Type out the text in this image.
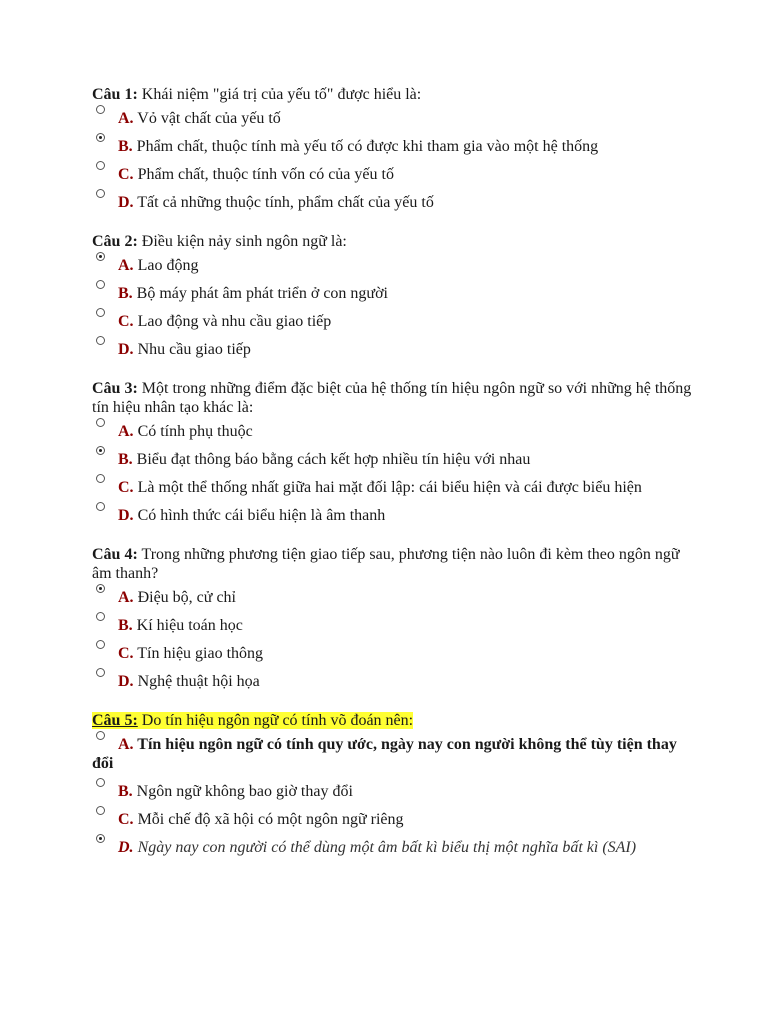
Câu 1: Khái niệm "giá trị của yếu tố" được hiểu là:

A. Vỏ vật chất của yếu tố
B. Phẩm chất, thuộc tính mà yếu tố có được khi tham gia vào một hệ thống
C. Phẩm chất, thuộc tính vốn có của yếu tố
D. Tất cả những thuộc tính, phẩm chất của yếu tố

Câu 2: Điều kiện nảy sinh ngôn ngữ là:

A. Lao động
B. Bộ máy phát âm phát triển ở con người
C. Lao động và nhu cầu giao tiếp
D. Nhu cầu giao tiếp

Câu 3: Một trong những điểm đặc biệt của hệ thống tín hiệu ngôn ngữ so với những hệ thống tín hiệu nhân tạo khác là:

A. Có tính phụ thuộc
B. Biểu đạt thông báo bằng cách kết hợp nhiều tín hiệu với nhau
C. Là một thể thống nhất giữa hai mặt đối lập: cái biểu hiện và cái được biểu hiện
D. Có hình thức cái biểu hiện là âm thanh

Câu 4: Trong những phương tiện giao tiếp sau, phương tiện nào luôn đi kèm theo ngôn ngữ âm thanh?

A. Điệu bộ, cử chỉ
B. Kí hiệu toán học
C. Tín hiệu giao thông
D. Nghệ thuật hội họa

Câu 5: Do tín hiệu ngôn ngữ có tính võ đoán nên:

A. Tín hiệu ngôn ngữ có tính quy ước, ngày nay con người không thể tùy tiện thay đổi
B. Ngôn ngữ không bao giờ thay đổi
C. Mỗi chế độ xã hội có một ngôn ngữ riêng
D. Ngày nay con người có thể dùng một âm bất kì biểu thị một nghĩa bất kì (SAI)
